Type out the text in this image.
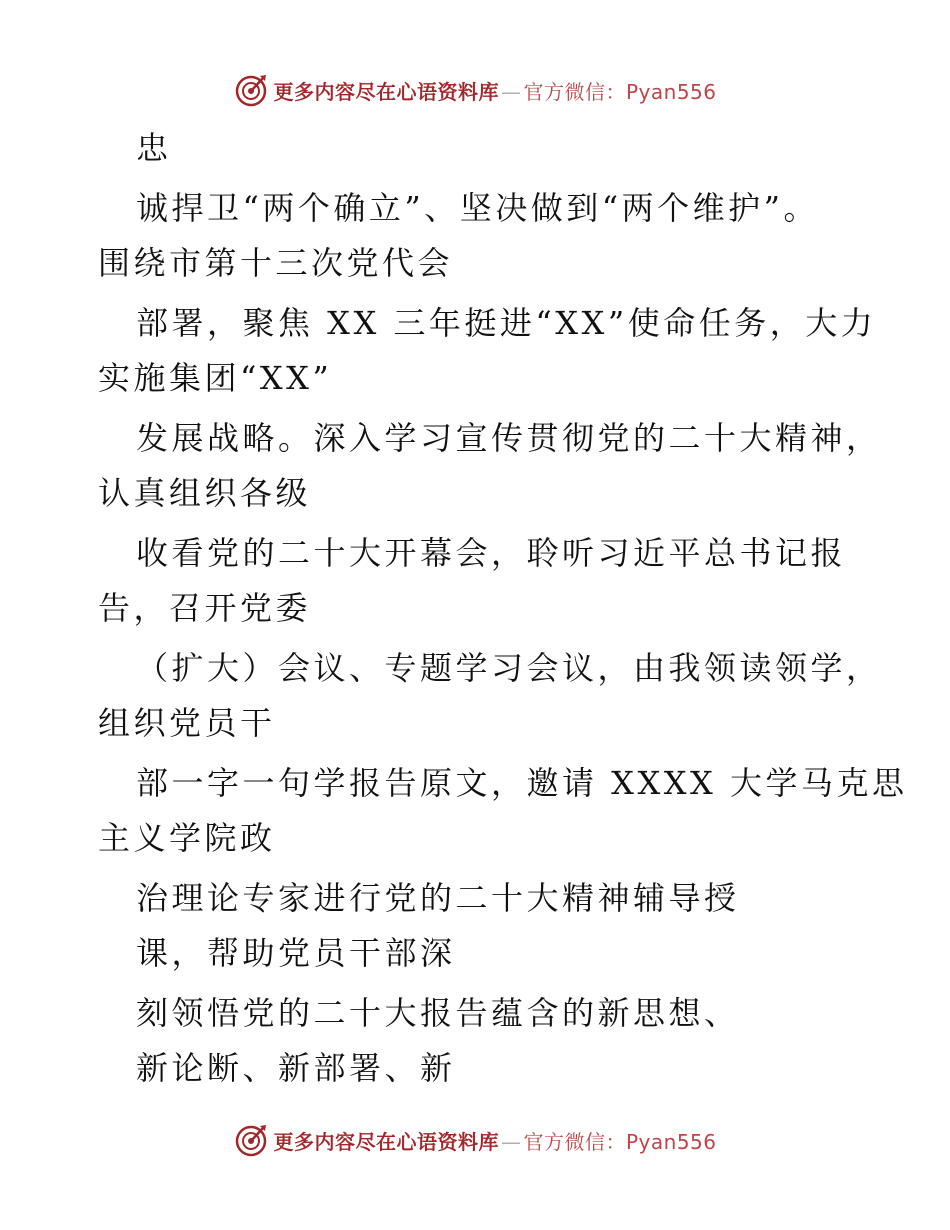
更多内容尽在心语资料库 — 官方微信：Pyan556
忠
诚捍卫“两个确立”、坚决做到“两个维护”。
围绕市第十三次党代会
部署，聚焦 XX 三年挺进“XX”使命任务，大力
实施集团“XX”
发展战略。深入学习宣传贯彻党的二十大精神，
认真组织各级
收看党的二十大开幕会，聆听习近平总书记报
告，召开党委
（扩大）会议、专题学习会议，由我领读领学，
组织党员干
部一字一句学报告原文，邀请 XXXX 大学马克思
主义学院政
治理论专家进行党的二十大精神辅导授
课，帮助党员干部深
刻领悟党的二十大报告蕴含的新思想、
新论断、新部署、新
更多内容尽在心语资料库 — 官方微信：Pyan556
